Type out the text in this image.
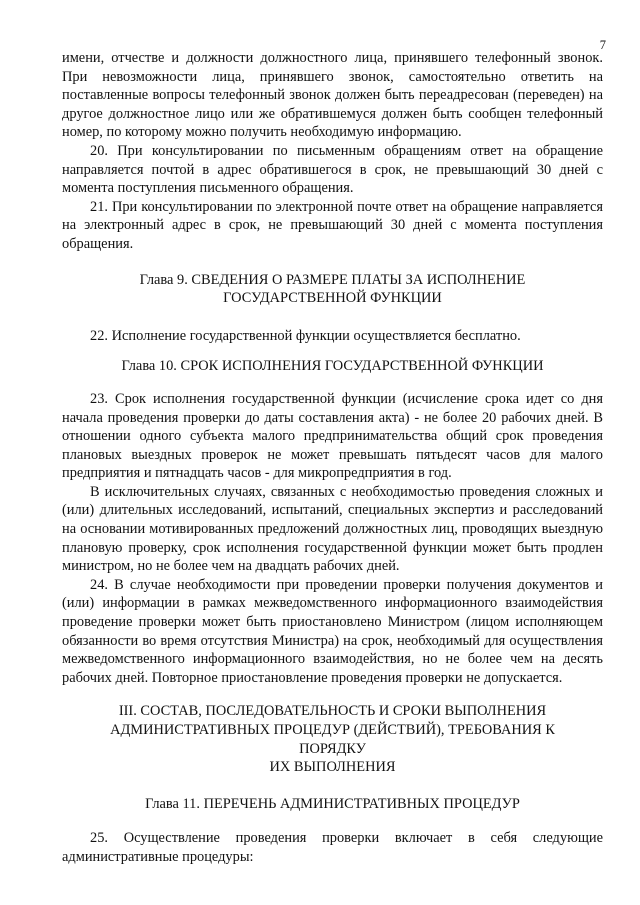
7

имени, отчестве и должности должностного лица, принявшего телефонный звонок. При невозможности лица, принявшего звонок, самостоятельно ответить на поставленные вопросы телефонный звонок должен быть переадресован (переведен) на другое должностное лицо или же обратившемуся должен быть сообщен телефонный номер, по которому можно получить необходимую информацию.

20. При консультировании по письменным обращениям ответ на обращение направляется почтой в адрес обратившегося в срок, не превышающий 30 дней с момента поступления письменного обращения.

21. При консультировании по электронной почте ответ на обращение направляется на электронный адрес в срок, не превышающий 30 дней с момента поступления обращения.

Глава 9. СВЕДЕНИЯ О РАЗМЕРЕ ПЛАТЫ ЗА ИСПОЛНЕНИЕ
ГОСУДАРСТВЕННОЙ ФУНКЦИИ

22. Исполнение государственной функции осуществляется бесплатно.

Глава 10. СРОК ИСПОЛНЕНИЯ ГОСУДАРСТВЕННОЙ ФУНКЦИИ

23. Срок исполнения государственной функции (исчисление срока идет со дня начала проведения проверки до даты составления акта) - не более 20 рабочих дней. В отношении одного субъекта малого предпринимательства общий срок проведения плановых выездных проверок не может превышать пятьдесят часов для малого предприятия и пятнадцать часов - для микропредприятия в год.

В исключительных случаях, связанных с необходимостью проведения сложных и (или) длительных исследований, испытаний, специальных экспертиз и расследований на основании мотивированных предложений должностных лиц, проводящих выездную плановую проверку, срок исполнения государственной функции может быть продлен министром, но не более чем на двадцать рабочих дней.

24. В случае необходимости при проведении проверки получения документов и (или) информации в рамках межведомственного информационного взаимодействия проведение проверки может быть приостановлено Министром (лицом исполняющем обязанности во время отсутствия Министра) на срок, необходимый для осуществления межведомственного информационного взаимодействия, но не более чем на десять рабочих дней. Повторное приостановление проведения проверки не допускается.

III. СОСТАВ, ПОСЛЕДОВАТЕЛЬНОСТЬ И СРОКИ ВЫПОЛНЕНИЯ
АДМИНИСТРАТИВНЫХ ПРОЦЕДУР (ДЕЙСТВИЙ), ТРЕБОВАНИЯ К
ПОРЯДКУ
ИХ ВЫПОЛНЕНИЯ
Глава 11. ПЕРЕЧЕНЬ АДМИНИСТРАТИВНЫХ ПРОЦЕДУР

25. Осуществление проведения проверки включает в себя следующие административные процедуры:
